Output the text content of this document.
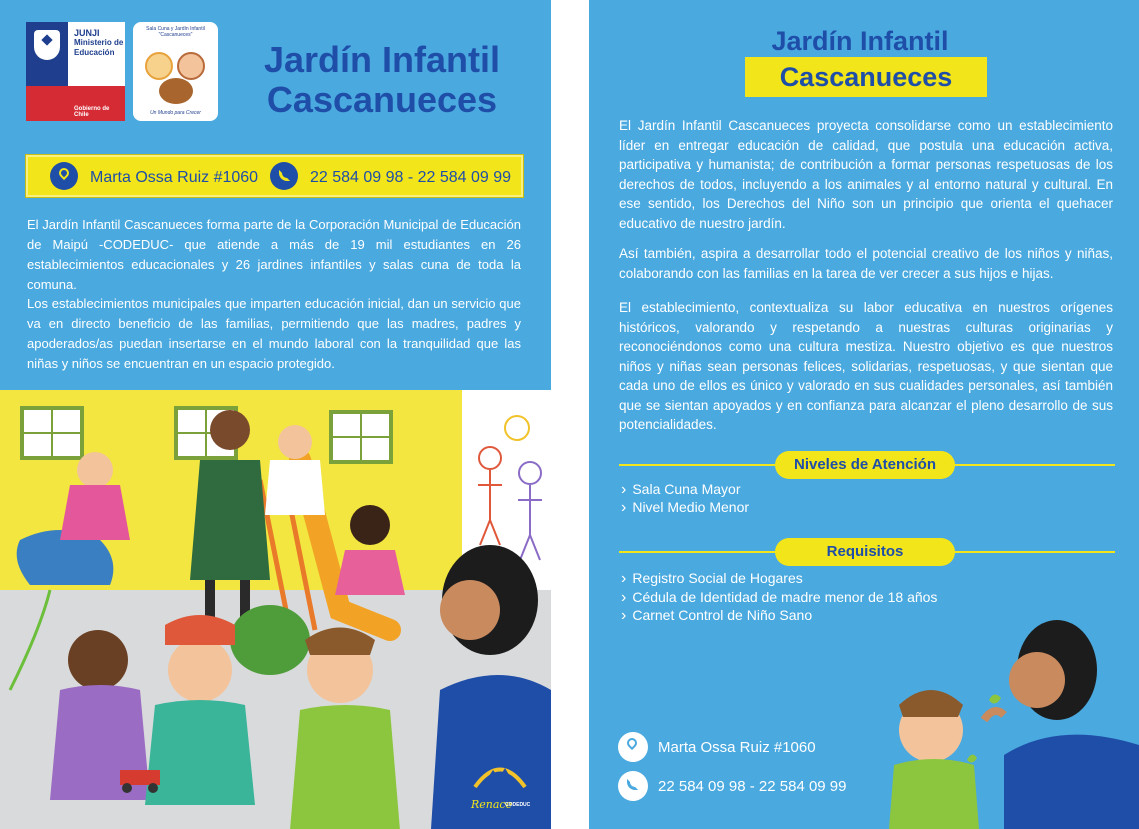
JUNJI
Ministerio de Educación
Gobierno de Chile
Sala Cuna y Jardín Infantil "Cascanueces"
Un Mundo para Crecer
Jardín Infantil
Cascanueces
Marta Ossa Ruiz #1060	22 584 09 98 - 22 584 09 99

El Jardín Infantil Cascanueces forma parte de la Corporación Municipal de Educación de Maipú -CODEDUC- que atiende a más de 19 mil estudiantes en 26 establecimientos educacionales y 26 jardines infantiles y salas cuna de toda la comuna.

Los establecimientos municipales que imparten educación inicial, dan un servicio que va en directo beneficio de las familias, permitiendo que las madres, padres y apoderados/as puedan insertarse en el mundo laboral con la tranquilidad que las niñas y niños se encuentran en un espacio protegido.

MAIPÚ
Renace
CODEDUC
Jardín Infantil
Cascanueces

El Jardín Infantil Cascanueces proyecta consolidarse como un establecimiento líder en entregar educación de calidad, que postula una educación activa, participativa y humanista; de contribución a formar personas respetuosas de los derechos de todos, incluyendo a los animales y al entorno natural y cultural. En ese sentido, los Derechos del Niño son un principio que orienta el quehacer educativo de nuestro jardín.

Así también, aspira a desarrollar todo el potencial creativo de los niños y niñas, colaborando con las familias en la tarea de ver crecer a sus hijos e hijas.

El establecimiento, contextualiza su labor educativa en nuestros orígenes históricos, valorando y respetando a nuestras culturas originarias y reconociéndonos como una cultura mestiza. Nuestro objetivo es que nuestros niños y niñas sean personas felices, solidarias, respetuosas, y que sientan que cada uno de ellos es único y valorado en sus cualidades personales, así también que se sientan apoyados y en confianza para alcanzar el pleno desarrollo de sus potencialidades.

Niveles de Atención
› Sala Cuna Mayor
› Nivel Medio Menor
Requisitos
› Registro Social de Hogares
› Cédula de Identidad de madre menor de 18 años
› Carnet Control de Niño Sano
Marta Ossa Ruiz #1060
22 584 09 98 - 22 584 09 99
